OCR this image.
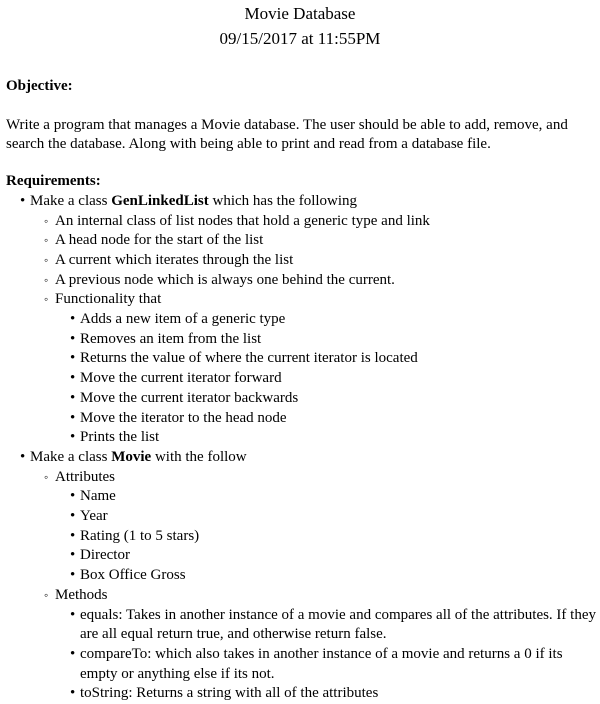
Movie Database
09/15/2017 at 11:55PM
Objective:
Write a program that manages a Movie database. The user should be able to add, remove, and search the database. Along with being able to print and read from a database file.
Requirements:
•
Make a class GenLinkedList which has the following
◦
An internal class of list nodes that hold a generic type and link
◦
A head node for the start of the list
◦
A current which iterates through the list
◦
A previous node which is always one behind the current.
◦
Functionality that
•
Adds a new item of a generic type
•
Removes an item from the list
•
Returns the value of where the current iterator is located
•
Move the current iterator forward
•
Move the current iterator backwards
•
Move the iterator to the head node
•
Prints the list
•
Make a class Movie with the follow
◦
Attributes
•
Name
•
Year
•
Rating (1 to 5 stars)
•
Director
•
Box Office Gross
◦
Methods
•
equals: Takes in another instance of a movie and compares all of the attributes. If they are all equal return true, and otherwise return false.
•
compareTo: which also takes in another instance of a movie and returns a 0 if its empty or anything else if its not.
•
toString: Returns a string with all of the attributes
